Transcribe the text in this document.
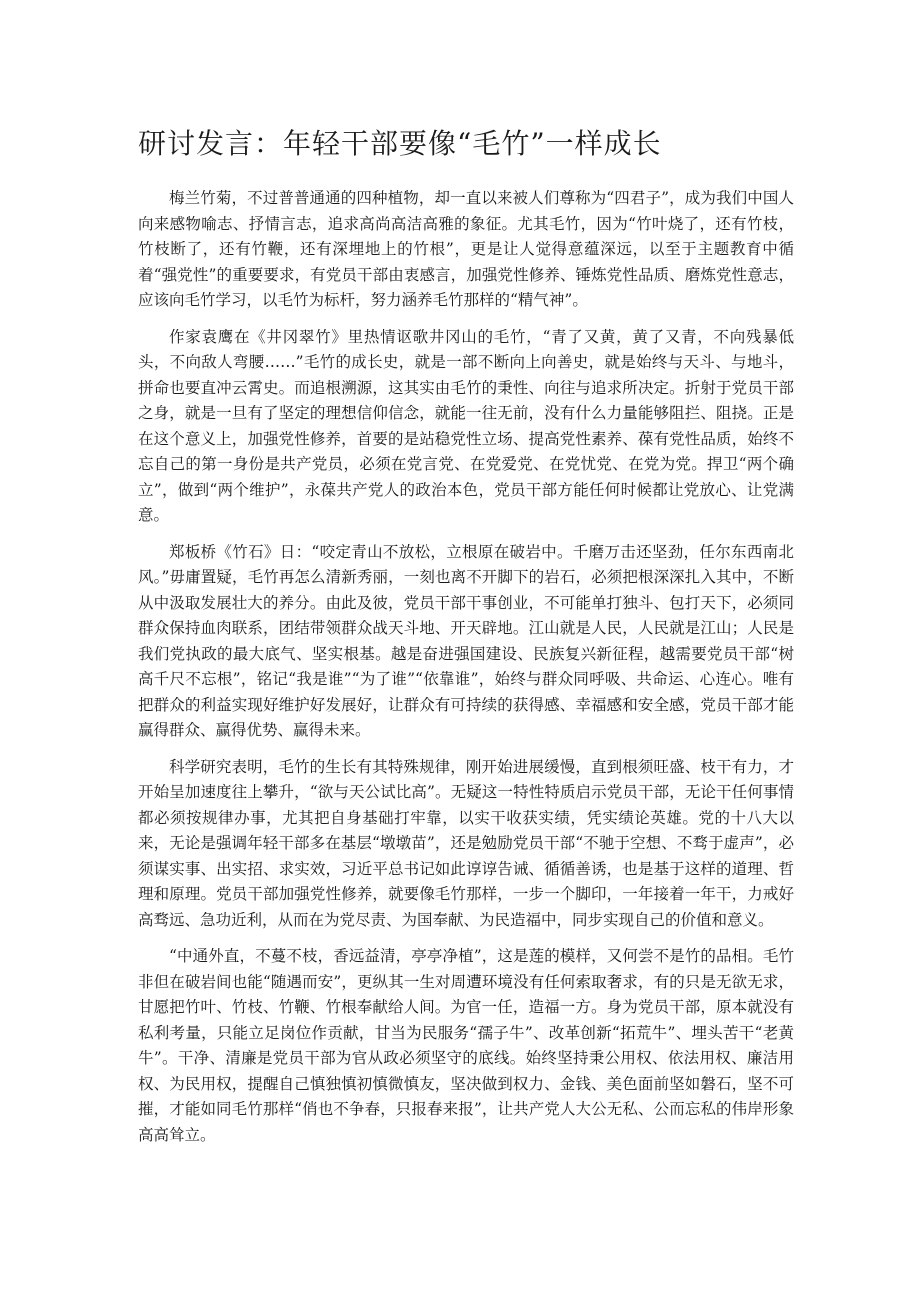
研讨发言：年轻干部要像“毛竹”一样成长

梅兰竹菊，不过普普通通的四种植物，却一直以来被人们尊称为“四君子”，成为我们中国人向来感物喻志、抒情言志，追求高尚高洁高雅的象征。尤其毛竹，因为“竹叶烧了，还有竹枝，竹枝断了，还有竹鞭，还有深埋地上的竹根”，更是让人觉得意蕴深远，以至于主题教育中循着“强党性”的重要要求，有党员干部由衷感言，加强党性修养、锤炼党性品质、磨炼党性意志，应该向毛竹学习，以毛竹为标杆，努力涵养毛竹那样的“精气神”。

作家袁鹰在《井冈翠竹》里热情讴歌井冈山的毛竹，“青了又黄，黄了又青，不向残暴低头，不向敌人弯腰……”毛竹的成长史，就是一部不断向上向善史，就是始终与天斗、与地斗，拼命也要直冲云霄史。而追根溯源，这其实由毛竹的秉性、向往与追求所决定。折射于党员干部之身，就是一旦有了坚定的理想信仰信念，就能一往无前，没有什么力量能够阻拦、阻挠。正是在这个意义上，加强党性修养，首要的是站稳党性立场、提高党性素养、葆有党性品质，始终不忘自己的第一身份是共产党员，必须在党言党、在党爱党、在党忧党、在党为党。捍卫“两个确立”，做到“两个维护”，永葆共产党人的政治本色，党员干部方能任何时候都让党放心、让党满意。

郑板桥《竹石》日：“咬定青山不放松，立根原在破岩中。千磨万击还坚劲，任尔东西南北风。”毋庸置疑，毛竹再怎么清新秀丽，一刻也离不开脚下的岩石，必须把根深深扎入其中，不断从中汲取发展壮大的养分。由此及彼，党员干部干事创业，不可能单打独斗、包打天下，必须同群众保持血肉联系，团结带领群众战天斗地、开天辟地。江山就是人民，人民就是江山；人民是我们党执政的最大底气、坚实根基。越是奋进强国建设、民族复兴新征程，越需要党员干部“树高千尺不忘根”，铭记“我是谁”“为了谁”“依靠谁”，始终与群众同呼吸、共命运、心连心。唯有把群众的利益实现好维护好发展好，让群众有可持续的获得感、幸福感和安全感，党员干部才能赢得群众、赢得优势、赢得未来。

科学研究表明，毛竹的生长有其特殊规律，刚开始进展缓慢，直到根须旺盛、枝干有力，才开始呈加速度往上攀升，“欲与天公试比高”。无疑这一特性特质启示党员干部，无论干任何事情都必须按规律办事，尤其把自身基础打牢靠，以实干收获实绩，凭实绩论英雄。党的十八大以来，无论是强调年轻干部多在基层“墩墩苗”，还是勉励党员干部“不驰于空想、不骛于虚声”，必须谋实事、出实招、求实效，习近平总书记如此谆谆告诫、循循善诱，也是基于这样的道理、哲理和原理。党员干部加强党性修养，就要像毛竹那样，一步一个脚印，一年接着一年干，力戒好高骛远、急功近利，从而在为党尽责、为国奉献、为民造福中，同步实现自己的价值和意义。

“中通外直，不蔓不枝，香远益清，亭亭净植”，这是莲的模样，又何尝不是竹的品相。毛竹非但在破岩间也能“随遇而安”，更纵其一生对周遭环境没有任何索取奢求，有的只是无欲无求，甘愿把竹叶、竹枝、竹鞭、竹根奉献给人间。为官一任，造福一方。身为党员干部，原本就没有私利考量，只能立足岗位作贡献，甘当为民服务“孺子牛”、改革创新“拓荒牛”、埋头苦干“老黄牛”。干净、清廉是党员干部为官从政必须坚守的底线。始终坚持秉公用权、依法用权、廉洁用权、为民用权，提醒自己慎独慎初慎微慎友，坚决做到权力、金钱、美色面前坚如磐石，坚不可摧，才能如同毛竹那样“俏也不争春，只报春来报”，让共产党人大公无私、公而忘私的伟岸形象高高耸立。
